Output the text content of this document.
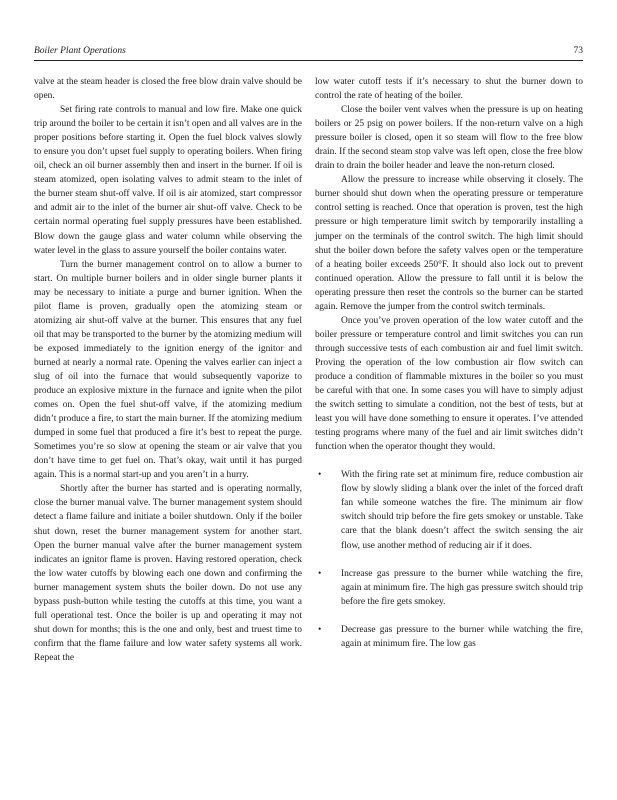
Boiler Plant Operations	73

valve at the steam header is closed the free blow drain valve should be open.

Set firing rate controls to manual and low fire. Make one quick trip around the boiler to be certain it isn’t open and all valves are in the proper positions before starting it. Open the fuel block valves slowly to ensure you don’t upset fuel supply to operating boilers. When firing oil, check an oil burner assembly then and insert in the burner. If oil is steam atomized, open isolating valves to admit steam to the inlet of the burner steam shut-off valve. If oil is air atomized, start compressor and admit air to the inlet of the burner air shut-off valve. Check to be certain normal operating fuel supply pressures have been established. Blow down the gauge glass and water column while observing the water level in the glass to assure yourself the boiler contains water.

Turn the burner management control on to allow a burner to start. On multiple burner boilers and in older single burner plants it may be necessary to initiate a purge and burner ignition. When the pilot flame is proven, gradually open the atomizing steam or atomizing air shut-off valve at the burner. This ensures that any fuel oil that may be transported to the burner by the atomizing medium will be exposed immediately to the ignition energy of the ignitor and burned at nearly a normal rate. Opening the valves earlier can inject a slug of oil into the furnace that would subsequently vaporize to produce an explosive mixture in the furnace and ignite when the pilot comes on. Open the fuel shut-off valve, if the atomizing medium didn’t produce a fire, to start the main burner. If the atomizing medium dumped in some fuel that produced a fire it’s best to repeat the purge. Sometimes you’re so slow at opening the steam or air valve that you don’t have time to get fuel on. That’s okay, wait until it has purged again. This is a normal start-up and you aren’t in a hurry.

Shortly after the burner has started and is operating normally, close the burner manual valve. The burner management system should detect a flame failure and initiate a boiler shutdown. Only if the boiler shut down, reset the burner management system for another start. Open the burner manual valve after the burner management system indicates an ignitor flame is proven. Having restored operation, check the low water cutoffs by blowing each one down and confirming the burner management system shuts the boiler down. Do not use any bypass push-button while testing the cutoffs at this time, you want a full operational test. Once the boiler is up and operating it may not shut down for months; this is the one and only, best and truest time to confirm that the flame failure and low water safety systems all work. Repeat the

low water cutoff tests if it’s necessary to shut the burner down to control the rate of heating of the boiler.

Close the boiler vent valves when the pressure is up on heating boilers or 25 psig on power boilers. If the non-return valve on a high pressure boiler is closed, open it so steam will flow to the free blow drain. If the second steam stop valve was left open, close the free blow drain to drain the boiler header and leave the non-return closed.

Allow the pressure to increase while observing it closely. The burner should shut down when the operating pressure or temperature control setting is reached. Once that operation is proven, test the high pressure or high temperature limit switch by temporarily installing a jumper on the terminals of the control switch. The high limit should shut the boiler down before the safety valves open or the temperature of a heating boiler exceeds 250°F. It should also lock out to prevent continued operation. Allow the pressure to fall until it is below the operating pressure then reset the controls so the burner can be started again. Remove the jumper from the control switch terminals.

Once you’ve proven operation of the low water cutoff and the boiler pressure or temperature control and limit switches you can run through successive tests of each combustion air and fuel limit switch. Proving the operation of the low combustion air flow switch can produce a condition of flammable mixtures in the boiler so you must be careful with that one. In some cases you will have to simply adjust the switch setting to simulate a condition, not the best of tests, but at least you will have done something to ensure it operates. I’ve attended testing programs where many of the fuel and air limit switches didn’t function when the operator thought they would.

• With the firing rate set at minimum fire, reduce combustion air flow by slowly sliding a blank over the inlet of the forced draft fan while someone watches the fire. The minimum air flow switch should trip before the fire gets smokey or unstable. Take care that the blank doesn’t affect the switch sensing the air flow, use another method of reducing air if it does.
• Increase gas pressure to the burner while watching the fire, again at minimum fire. The high gas pressure switch should trip before the fire gets smokey.
• Decrease gas pressure to the burner while watching the fire, again at minimum fire. The low gas
